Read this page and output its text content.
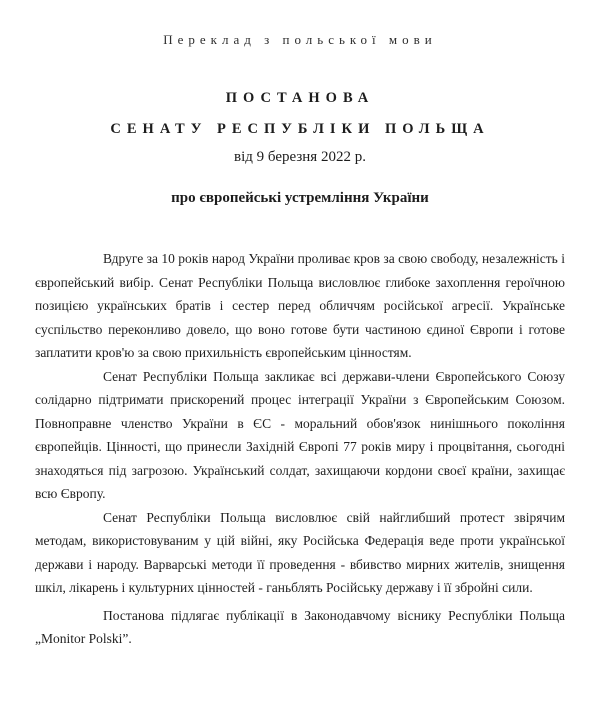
Переклад з польської мови

ПОСТАНОВА

СЕНАТУ РЕСПУБЛІКИ ПОЛЬЩА

від 9 березня 2022 р.

про європейські устремління України

Вдруге за 10 років народ України проливає кров за свою свободу, незалежність і європейський вибір. Сенат Республіки Польща висловлює глибоке захоплення героїчною позицією українських братів і сестер перед обличчям російської агресії. Українське суспільство переконливо довело, що воно готове бути частиною єдиної Європи і готове заплатити кров'ю за свою прихильність європейським цінностям.

Сенат Республіки Польща закликає всі держави-члени Європейського Союзу солідарно підтримати прискорений процес інтеграції України з Європейським Союзом. Повноправне членство України в ЄС - моральний обов'язок нинішнього покоління європейців. Цінності, що принесли Західній Європі 77 років миру і процвітання, сьогодні знаходяться під загрозою. Український солдат, захищаючи кордони своєї країни, захищає всю Європу.

Сенат Республіки Польща висловлює свій найглибший протест звірячим методам, використовуваним у цій війні, яку Російська Федерація веде проти української держави і народу. Варварські методи її проведення - вбивство мирних жителів, знищення шкіл, лікарень і культурних цінностей - ганьблять Російську державу і її збройні сили.

Постанова підлягає публікації в Законодавчому віснику Республіки Польща „Monitor Polski”.
